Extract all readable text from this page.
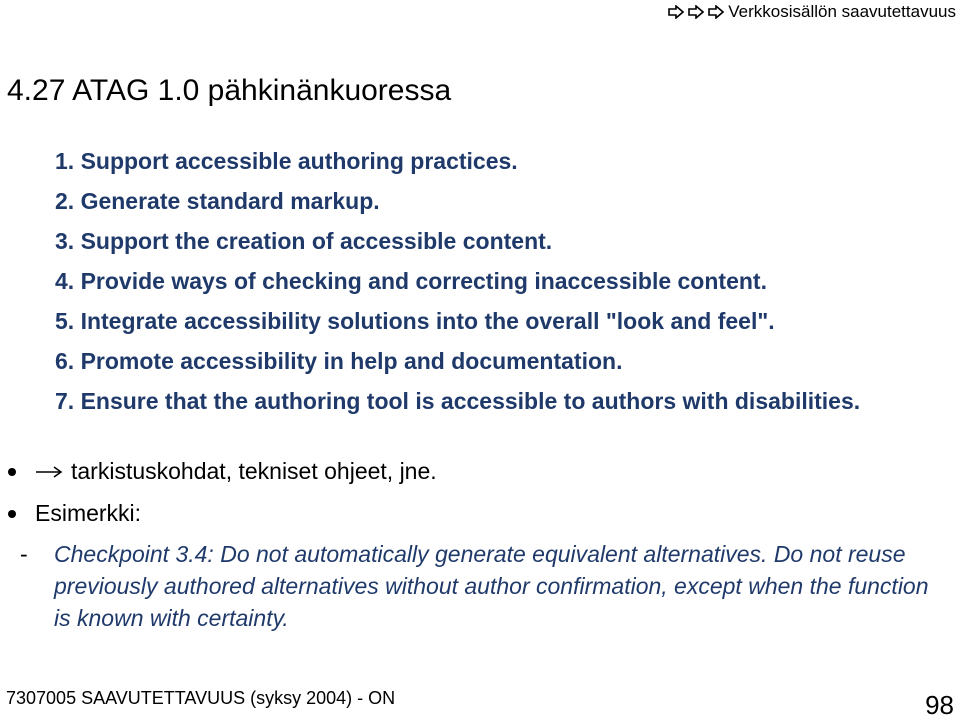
Verkkosisällön saavutettavuus
4.27 ATAG 1.0 pähkinänkuoressa
1. Support accessible authoring practices.
2. Generate standard markup.
3. Support the creation of accessible content.
4. Provide ways of checking and correcting inaccessible content.
5. Integrate accessibility solutions into the overall "look and feel".
6. Promote accessibility in help and documentation.
7. Ensure that the authoring tool is accessible to authors with disabilities.
tarkistuskohdat, tekniset ohjeet, jne.
Esimerkki:
-	Checkpoint 3.4: Do not automatically generate equivalent alternatives. Do not reuse previously authored alternatives without author confirmation, except when the function is known with certainty.
7307005 SAAVUTETTAVUUS (syksy 2004) - ON	98
